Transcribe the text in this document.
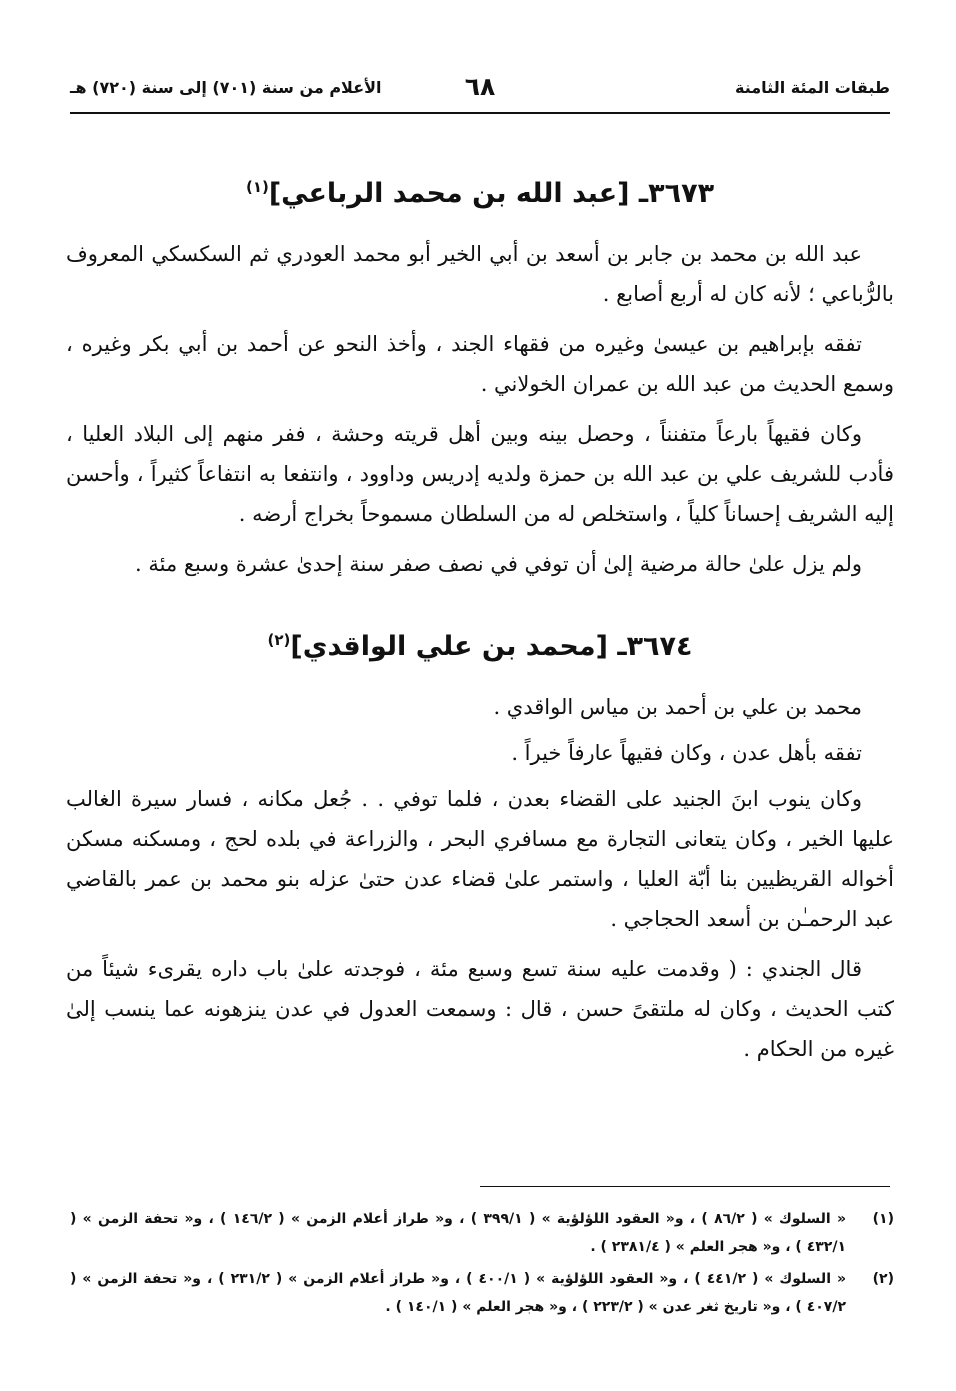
طبقات المئة الثامنة
٦٨
الأعلام من سنة (٧٠١) إلى سنة (٧٢٠) هـ
٣٦٧٣ـ [عبد الله بن محمد الرباعي]$^{(١)}$

عبد الله بن محمد بن جابر بن أسعد بن أبي الخير أبو محمد العودري ثم السكسكي المعروف بالرُّباعي ؛ لأنه كان له أربع أصابع .

تفقه بإبراهيم بن عيسىٰ وغيره من فقهاء الجند ، وأخذ النحو عن أحمد بن أبي بكر وغيره ، وسمع الحديث من عبد الله بن عمران الخولاني .

وكان فقيهاً بارعاً متفنناً ، وحصل بينه وبين أهل قريته وحشة ، ففر منهم إلى البلاد العليا ، فأدب للشريف علي بن عبد الله بن حمزة ولديه إدريس وداوود ، وانتفعا به انتفاعاً كثيراً ، وأحسن إليه الشريف إحساناً كلياً ، واستخلص له من السلطان مسموحاً بخراج أرضه .

ولم يزل علىٰ حالة مرضية إلىٰ أن توفي في نصف صفر سنة إحدىٰ عشرة وسبع مئة .

٣٦٧٤ـ [محمد بن علي الواقدي]$^{(٢)}$

محمد بن علي بن أحمد بن مياس الواقدي .

تفقه بأهل عدن ، وكان فقيهاً عارفاً خيراً .

وكان ينوب ابنَ الجنيد على القضاء بعدن ، فلما توفي . . جُعل مكانه ، فسار سيرة الغالب عليها الخير ، وكان يتعانى التجارة مع مسافري البحر ، والزراعة في بلده لحج ، ومسكنه مسكن أخواله القريظيين بنا أبّة العليا ، واستمر علىٰ قضاء عدن حتىٰ عزله بنو محمد بن عمر بالقاضي عبد الرحمـٰن بن أسعد الحجاجي .

قال الجندي : ( وقدمت عليه سنة تسع وسبع مئة ، فوجدته علىٰ باب داره يقرىء شيئاً من كتب الحديث ، وكان له ملتقىً حسن ، قال : وسمعت العدول في عدن ينزهونه عما ينسب إلىٰ غيره من الحكام .

(١)
« السلوك » ( ٨٦/٢ ) ، و« العقود اللؤلؤية » ( ٣٩٩/١ ) ، و« طراز أعلام الزمن » ( ١٤٦/٢ ) ، و« تحفة الزمن » ( ٤٣٢/١ ) ، و« هجر العلم » ( ٢٣٨١/٤ ) .
(٢)
« السلوك » ( ٤٤١/٢ ) ، و« العقود اللؤلؤية » ( ٤٠٠/١ ) ، و« طراز أعلام الزمن » ( ٢٣١/٢ ) ، و« تحفة الزمن » ( ٤٠٧/٢ ) ، و« تاريخ ثغر عدن » ( ٢٢٣/٢ ) ، و« هجر العلم » ( ١٤٠/١ ) .
